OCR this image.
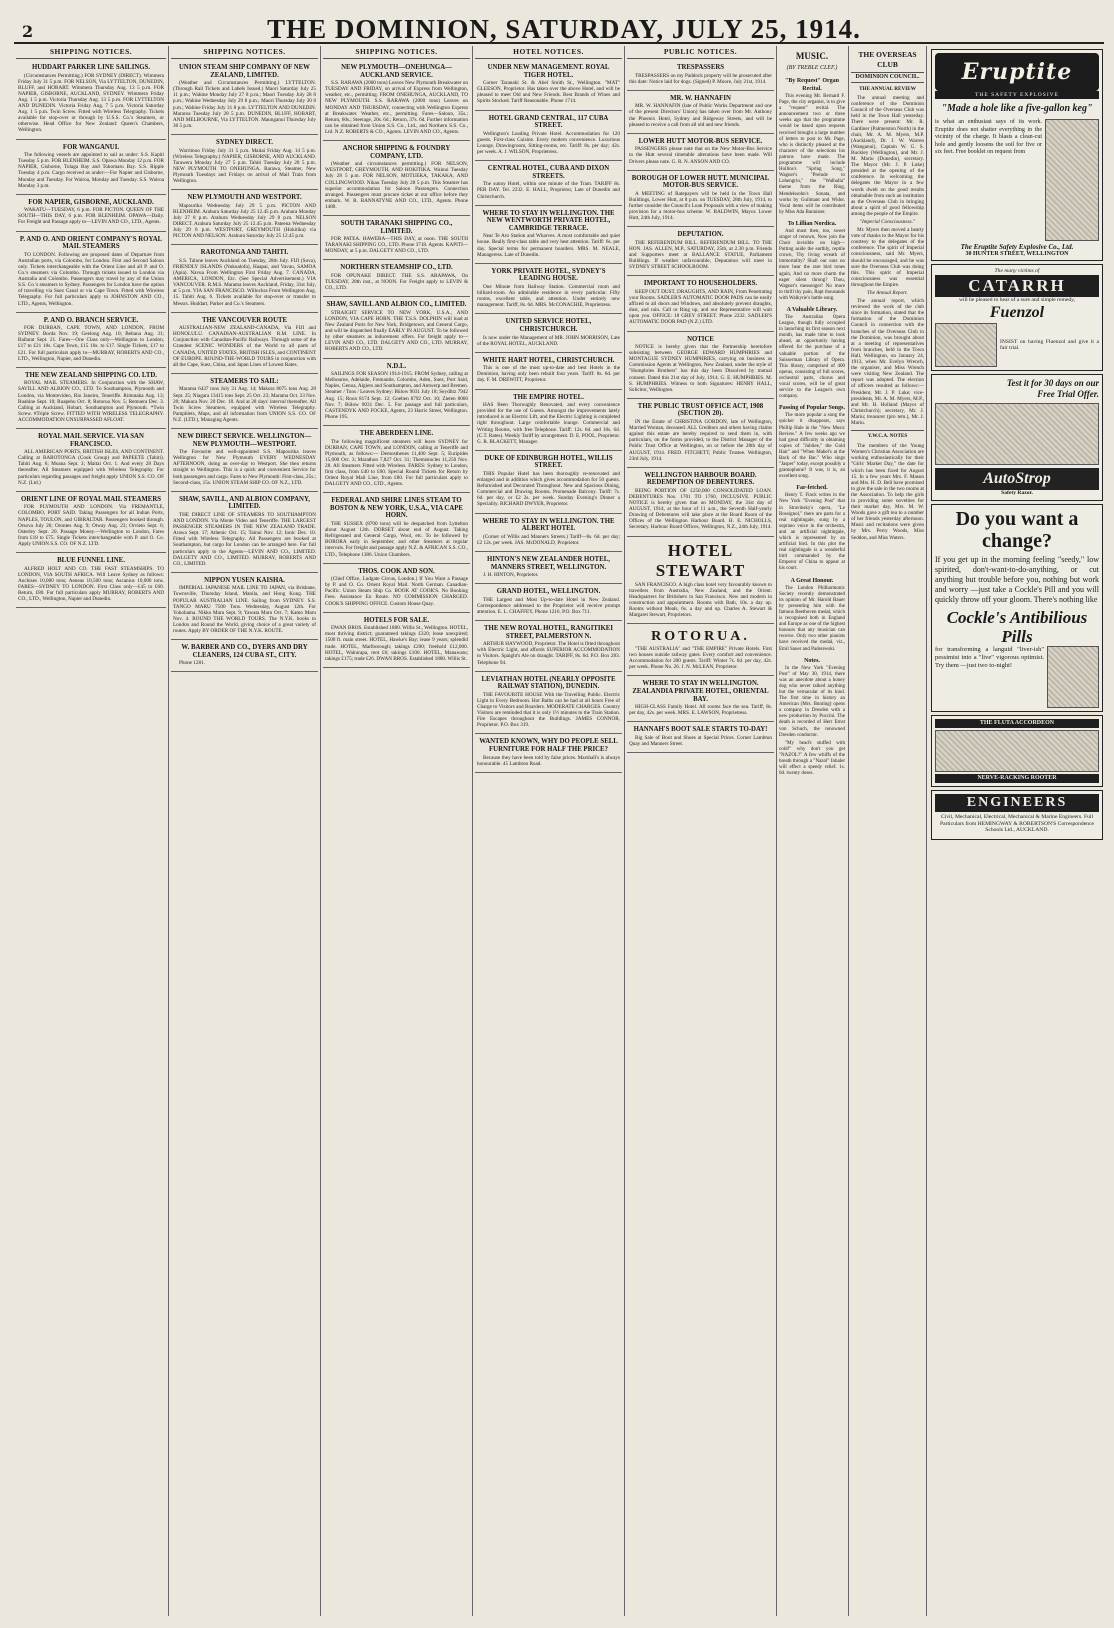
2	THE DOMINION, SATURDAY, JULY 25, 1914.
SHIPPING NOTICES.

HUDDART PARKER LINE SAILINGS.

(Circumstances Permitting.) FOR SYDNEY (DIRECT). Wimmera Friday July 31 5 p.m. FOR NELSON, Via LYTTELTON, DUNEDIN, BLUFF, and HOBART. Wimmera Thursday Aug. 13 5 p.m. FOR NAPIER, GISBORNE, AUCKLAND, SYDNEY. Wimmera Friday Aug. 1 5 p.m. Victoria Thursday Aug. 13 5 p.m. FOR LYTTELTON AND DUNEDIN. Victoria Friday Aug. 7 5 p.m. Victoria Saturday Aug. 1 5 p.m. Twin Screw. Fitted with Wireless Telegraphy. Tickets available for stop-over or through by U.S.S. Co.'s Steamers, or otherwise. Head Office for New Zealand: Queen's Chambers, Wellington.

FOR WANGANUI.

The following vessels are appointed to sail as under: S.S. Kapiti Tuesday 5 p.m. FOR BLENHEIM. S.S. Opawa Monday 12 p.m. FOR NAPIER, Gisborne, Tolaga Bay and Tokomaru Bay. S.S. Ripple Tuesday 4 p.m. Cargo received as under:—For Napier and Gisborne, Monday and Tuesday. For Wairoa, Monday and Tuesday. S.S. Wairoa Monday 3 p.m.

FOR NAPIER, GISBORNE, AUCKLAND.

WAKATU—TUESDAY, 6 p.m. FOR PICTON. QUEEN OF THE SOUTH—THIS DAY, 6 p.m. FOR BLENHEIM. OPAWA—Daily. For Freight and Passage apply to—LEVIN AND CO., LTD., Agents.

P. AND O. AND ORIENT COMPANY'S ROYAL MAIL STEAMERS

TO LONDON. Following are proposed dates of Departure from Australian ports, via Colombo, for London. First and Second Saloon only. Tickets interchangeable with the Orient Line and all P. and O. Co.'s steamers via Colombo. Through tickets issued to London via Australia and Colombo. Passengers may travel by any of the Union S.S. Co.'s steamers to Sydney. Passengers for London have the option of travelling via Suez Canal or via Cape Town. Fitted with Wireless Telegraphy. For full particulars apply to JOHNSTON AND CO., LTD., Agents, Wellington.

P. AND O. BRANCH SERVICE.

FOR DURBAN, CAPE TOWN, AND LONDON, FROM SYDNEY. Borda Nov. 19; Geelong Aug. 10; Beltana Aug. 31; Ballarat Sept. 21. Fares—One Class only—Wellington to London, £17 to £21 10s. Cape Town, £15 10s. to £17. Single Tickets, £17 to £21. For full particulars apply to—MURRAY, ROBERTS AND CO., LTD., Wellington, Napier, and Dunedin.

THE NEW ZEALAND SHIPPING CO. LTD.

ROYAL MAIL STEAMERS. In Conjunction with the SHAW, SAVILL AND ALBION CO., LTD. To Southampton, Plymouth and London, via Montevideo, Rio Janeiro, Teneriffe. Rimutaka Aug. 13; Ruahine Sept. 10; Ruapehu Oct. 8; Rotorua Nov. 5; Remuera Dec. 3. Calling at Auckland, Hobart, Southampton and Plymouth. *Twin Screw. #Triple Screw. FITTED WITH WIRELESS TELEGRAPHY. ACCOMMODATION UNSURPASSED AFLOAT.

ROYAL MAIL SERVICE. VIA SAN FRANCISCO.

ALL AMERICAN PORTS, BRITISH ISLES, AND CONTINENT. Calling at RAROTONGA (Cook Group) and PAPEETE (Tahiti). Tahiti Aug. 6; Moana Sept. 3; Maitai Oct. 1. And every 28 Days thereafter. All Steamers equipped with Wireless Telegraphy. For particulars regarding passages and freight apply UNION S.S. CO. OF N.Z. (Ltd.)

ORIENT LINE OF ROYAL MAIL STEAMERS

FOR PLYMOUTH AND LONDON. Via FREMANTLE, COLOMBO, PORT SAID. Taking Passengers for all Indian Ports, NAPLES, TOULON, and GIBRALTAR. Passengers booked through. Orsova July 26; Orontes Aug. 9; Otway Aug. 23; Orvieto Sept. 6; Osterley Sept. 20. Passage Money.—Wellington to London, Fares from £18 to £75. Single Tickets interchangeable with P. and O. Co. Apply UNION S.S. CO. OF N.Z. LTD.

BLUE FUNNEL LINE.

ALFRED HOLT AND CO. THE FAST STEAMSHIPS. TO LONDON, VIA SOUTH AFRICA. Will Leave Sydney as follows: Anchises 10,000 tons; Aeneas 10,500 tons; Ascanius 10,000 tons. FARES—SYDNEY TO LONDON. First Class only—£45 to £60. Return, £80. For full particulars apply MURRAY, ROBERTS AND CO., LTD., Wellington, Napier and Dunedin.

SHIPPING NOTICES.

UNION STEAM SHIP COMPANY OF NEW ZEALAND, LIMITED.

(Weather and Circumstances Permitting.) LYTTELTON. (Through Rail Tickets and Labels Issued.) Maori Saturday July 25 11 p.m.; Wahine Monday July 27 8 p.m.; Maori Tuesday July 28 8 p.m.; Wahine Wednesday July 29 8 p.m.; Maori Thursday July 30 8 p.m.; Wahine Friday July 31 8 p.m. LYTTELTON AND DUNEDIN. Mararoa Tuesday July 28 5 p.m. DUNEDIN, BLUFF, HOBART, AND MELBOURNE, Via LYTTELTON. Maunganui Thursday July 30 5 p.m.

SYDNEY DIRECT.

Warrimoo Friday July 31 5 p.m. Maitai Friday Aug. 14 5 p.m. (Wireless Telegraphy.) NAPIER, GISBORNE, AND AUCKLAND. Tarawera Monday July 27 5 p.m. Tahiti Tuesday July 28 5 p.m. NEW PLYMOUTH TO ONEHUNGA. Rarawa, Steamer, New Plymouth Tuesdays and Fridays on arrival of Mail Train from Wellington.

NEW PLYMOUTH AND WESTPORT.

Mapourika Wednesday July 29 5 p.m. PICTON AND BLENHEIM. Arahura Saturday July 25 12.45 p.m. Arahura Monday July 27 8 p.m. Arahura Wednesday July 29 8 p.m. NELSON DIRECT. Arahura Saturday July 25 12.45 p.m. Pateena Wednesday July 29 8 p.m. WESTPORT, GREYMOUTH (Hokitika) via PICTON AND NELSON. Arahura Saturday July 25 12.45 p.m.

RAROTONGA AND TAHITI.

S.S. Talune leaves Auckland on Tuesday, 28th July. FIJI (Suva), FRIENDLY ISLANDS (Nukualofa), Haapai, and Vavau, SAMOA (Apia). Navua From Wellington First Friday Aug. 7. CANADA, AMERICA, LONDON, Etc. (See Special Advertisement.) VIA VANCOUVER. R.M.S. Marama leaves Auckland, Friday, 31st July, at 5 p.m. VIA SAN FRANCISCO. Willochra From Wellington Aug. 15. Tahiti Aug. 6. Tickets available for stop-over or transfer to Messrs. Huddart, Parker and Co.'s Steamers.

THE VANCOUVER ROUTE

AUSTRALIAN-NEW ZEALAND-CANADA, Via FIJI and HONOLULU. CANADIAN-AUSTRALIAN R.M. LINE. In Conjunction with Canadian-Pacific Railways. Through some of the Grandest SCENIC WONDERS of the World to all parts of CANADA, UNITED STATES, BRITISH ISLES, and CONTINENT OF EUROPE. ROUND-THE-WORLD TOURS in conjunction with all the Cape, Suez, China, and Japan Lines of Lowest Rates.

STEAMERS TO SAIL:

Marama 6437 tons July 31 Aug. 14; Makura 8075 tons Aug. 28 Sept. 25; Niagara 13415 tons Sept. 25 Oct. 23; Marama Oct. 23 Nov. 20; Makura Nov. 20 Dec. 18. And at 28 days' interval thereafter. All Twin Screw Steamers, equipped with Wireless Telegraphy. Pamphlets, Maps, and all information from UNION S.S. CO. OF N.Z. (LTD.), Managing Agents.

NEW DIRECT SERVICE. WELLINGTON—NEW PLYMOUTH—WESTPORT.

The Favourite and well-appointed S.S. Mapourika leaves Wellington for New Plymouth EVERY WEDNESDAY AFTERNOON, doing an over-day to Westport. She then returns straight to Wellington. This is a quick and convenient Service for both passengers and cargo. Fares to New Plymouth: First-class, 25s.; Second-class, 15s. UNION STEAM SHIP CO. OF N.Z., LTD.

SHAW, SAVILL, AND ALBION COMPANY, LIMITED.

THE DIRECT LINE OF STEAMERS TO SOUTHAMPTON AND LONDON. Via Monte Video and Teneriffe. THE LARGEST PASSENGER STEAMERS IN THE NEW ZEALAND TRADE. Arawa Sept. 17; Athenic Oct. 15; Tainui Nov. 12; Ionic Dec. 10. Fitted with Wireless Telegraphy. All Passengers are booked at Southampton, but cargo for London can be arranged here. For full particulars apply to the Agents—LEVIN AND CO., LIMITED. DALGETY AND CO., LIMITED. MURRAY, ROBERTS AND CO., LIMITED.

NIPPON YUSEN KAISHA.

IMPERIAL JAPANESE MAIL LINE TO JAPAN, via Brisbane, Townsville, Thursday Island, Manila, and Hong Kong. THE POPULAR AUSTRALIAN LINE. Sailing from SYDNEY. S.S. TANGO MARU 7500 Tons. Wednesday, August 12th. For Yokohama. Nikko Maru Sept. 9; Yawata Maru Oct. 7; Kamo Maru Nov. 4. ROUND THE WORLD TOURS. The N.Y.K. books to London and Round the World, giving choice of a great variety of routes. Apply BY ORDER OF THE N.Y.K. ROUTE.

W. BARBER AND CO., DYERS AND DRY CLEANERS, 124 CUBA ST., CITY.

Phone 1281.

SHIPPING NOTICES.

NEW PLYMOUTH—ONEHUNGA—AUCKLAND SERVICE.

S.S. RARAWA (2000 tons) Leaves New Plymouth Breakwater on TUESDAY AND FRIDAY, on arrival of Express from Wellington, weather, etc., permitting. FROM ONEHUNGA, AUCKLAND, TO NEW PLYMOUTH. S.S. RARAWA (2000 tons) Leaves on MONDAY AND THURSDAY, connecting with Wellington Express at Breakwater. Weather, etc., permitting. Fares—Saloon, 35s.; Return, 60s.; Steerage, 20s. 6d.; Return, 37s. 6d. Further information can be obtained from Union S.S. Co., Ltd., and Northern S.S. Co., Ltd. N.Z. ROBERTS & CO., Agents. LEVIN AND CO., Agents.

ANCHOR SHIPPING & FOUNDRY COMPANY, LTD.

(Weather and circumstances permitting.) FOR NELSON, WESTPORT, GREYMOUTH, AND HOKITIKA. Wainui Tuesday July 28 5 p.m. FOR NELSON, MOTUEKA, TAKAKA, AND COLLINGWOOD. Nikau Tuesday July 28 5 p.m. This Steamer has superior accommodation for Saloon Passengers. Connection arranged. Passengers must procure ticket at our office before they embark. W. R. BANNATYNE AND CO., LTD., Agents. Phone 1480.

SOUTH TARANAKI SHIPPING CO., LIMITED.

FOR PATEA. HAWERA—THIS DAY, at noon. THE SOUTH TARANAKI SHIPPING CO., LTD. Phone 3718. Agents. KAPITI—MONDAY, at 5 p.m. DALGETY AND CO., LTD.

NORTHERN STEAMSHIP CO., LTD.

FOR OPUNAKE DIRECT. THE S.S. ARAPAWA, On TUESDAY, 28th inst., at NOON. For Freight apply to LEVIN & CO., LTD.

SHAW, SAVILL AND ALBION CO., LIMITED.

STRAIGHT SERVICE TO NEW YORK, U.S.A., AND LONDON, VIA CAPE HORN. THE T.S.S. DOLPHIN will load at New Zealand Ports for New York, Bridgetown, and General Cargo, and will be dispatched finally EARLY IN AUGUST. To be followed by other steamers as inducement offers. For freight apply to— LEVIN AND CO., LTD. DALGETY AND CO., LTD. MURRAY, ROBERTS AND CO., LTD.

N.D.L.

SAILINGS FOR SEASON 1914-1915. FROM Sydney, calling at Melbourne, Adelaide, Fremantle, Colombo, Aden, Suez, Port Said, Naples, Genoa, Algiers and Southampton, and Antwerp and Bremen. Steamer / Tons / Leaves Sydney: Bülow 9031 July 18; Seydlitz 7942 Aug. 15; Roon 8174 Sept. 12; Goeben 8792 Oct. 10; Zieten 8066 Nov. 7; Bülow 9031 Dec. 5. For passage and full particulars, CASTENDYK AND FOCKE, Agents, 23 Harris Street, Wellington. Phone 195.

THE ABERDEEN LINE.

The following magnificent steamers will leave SYDNEY for DURBAN, CAPE TOWN, and LONDON, calling at Teneriffe and Plymouth, as follows:— Demosthenes 11,400 Sept. 5; Euripides 15,000 Oct. 3; Marathon 7,827 Oct. 31; Themistocles 11,250 Nov. 28. All Steamers Fitted with Wireless. FARES: Sydney to London, first class, from £40 to £60. Special Round Tickets for Return by Orient Royal Mail Line, from £80. For full particulars apply to DALGETY AND CO., LTD., Agents.

FEDERAL AND SHIRE LINES STEAM TO BOSTON & NEW YORK, U.S.A., VIA CAPE HORN.

THE SUSSEX (8700 tons) will be despatched from Lyttelton about August 12th. DORSET about end of August. Taking Refrigerated and General Cargo, Wool, etc. To be followed by BORORA early in September, and other Steamers at regular intervals. For freight and passage apply N.Z. & AFRICAN S.S. CO., LTD., Telephone 1386. Union Chambers.

THOS. COOK AND SON.

(Chief Office, Ludgate Circus, London.) If You Want a Passage by P. and O. Co. Orient Royal Mail. North German. Canadian-Pacific. Union Steam Ship Co. BOOK AT COOK'S. No Booking Fees. Assistance En Route. NO COMMISSION CHARGED. COOK'S SHIPPING OFFICE. Custom House Quay.

HOTELS FOR SALE.

DWAN BROS. Established 1880. Willis St., Wellington. HOTEL, most thriving district; guaranteed takings £320; lease unexpired; 1500 ft. main street. HOTEL, Hawke's Bay; lease 9 years; splendid trade. HOTEL, Marlborough; takings £200; freehold £12,000. HOTEL, Wairarapa, rent £6; takings £100. HOTEL, Manawatu; takings £175; trade £26. DWAN BROS. Established 1880. Willis St.

HOTEL NOTICES.

UNDER NEW MANAGEMENT. ROYAL TIGER HOTEL.

Corner Taranaki St. & Abel Smith St., Wellington. "MAT" GLEESON, Proprietor. Has taken over the above Hotel, and will be pleased to meet Old and New Friends. Best Brands of Wines and Spirits Stocked. Tariff Reasonable. Phone 1714.

HOTEL GRAND CENTRAL, 117 CUBA STREET.

Wellington's Leading Private Hotel. Accommodation for 120 guests. First-class Cuisine. Every modern convenience. Luxurious Lounge, Drawingroom, Sitting-rooms, etc. Tariff: 8s. per day; 42s. per week. A. J. WILSON, Proprietress.

CENTRAL HOTEL, CUBA AND DIXON STREETS.

The sunny Hotel, within one minute of the Tram. TARIFF 8s. PER DAY. Tel. 2232. E. HALL, Proprietor, Late of Dunedin and Christchurch.

WHERE TO STAY IN WELLINGTON. THE NEW WENTWORTH PRIVATE HOTEL, CAMBRIDGE TERRACE.

Near Te Aro Station and Wharves. A most comfortable and quiet house. Really first-class table and very best attention. Tariff: 6s. per day. Special terms for permanent boarders. MRS. M. NEALE, Manageress. Late of Dunedin.

YORK PRIVATE HOTEL, SYDNEY'S LEADING HOUSE.

One Minute from Railway Station. Commercial room and billiard-room. An admirable residence in every particular. Fifty rooms, excellent table, and attention. Under entirely new management. Tariff, 8s. 6d. MRS. McCONACHIE, Proprietress.

UNITED SERVICE HOTEL, CHRISTCHURCH.

Is now under the Management of MR. JOHN MORRISON, Late of the ROYAL HOTEL, AUCKLAND.

WHITE HART HOTEL, CHRISTCHURCH.

This is one of the most up-to-date and best Hotels in the Dominion, having only been rebuilt four years. Tariff: 8s. 6d. per day. F. M. DREWITT, Proprietor.

THE EMPIRE HOTEL.

HAS Been Thoroughly Renovated, and every convenience provided for the use of Guests. Amongst the improvements lately introduced is an Electric Lift, and the Electric Lighting is completed right throughout. Large comfortable lounge. Commercial and Writing Rooms, with free Telephone. Tariff: 12s. 6d. and 10s. 6d. (C.T. Rates). Weekly Tariff by arrangement. D. E. POOL, Proprietor. G. R. BLACKETT, Manager.

DUKE OF EDINBURGH HOTEL, WILLIS STREET.

THIS Popular Hotel has been thoroughly re-renovated and enlarged and in addition which gives accommodation for 50 guests. Refurnished and Decorated Throughout. New and Spacious Dining, Commercial and Drawing Rooms. Promenade Balcony. Tariff: 7s. 6d. per day, or £2 2s. per week. Sunday Evening's Dinner a Speciality. RICHARD DWYER, Proprietor.

WHERE TO STAY IN WELLINGTON. THE ALBERT HOTEL

(Corner of Willis and Manners Streets.) Tariff—8s. 6d. per day; £2 12s. per week. JAS. McDONALD, Proprietor.

HINTON'S NEW ZEALANDER HOTEL, MANNERS STREET, WELLINGTON.

J. H. HINTON, Proprietor.

GRAND HOTEL, WELLINGTON.

THE Largest and Most Up-to-date Hotel in New Zealand. Correspondence addressed to the Proprietor will receive prompt attention. E. L. CHAFFEY, Phone 1216. P.O. Box 711.

THE NEW ROYAL HOTEL, RANGITIKEI STREET, PALMERSTON N.

ARTHUR HAYWOOD, Proprietor. The Hotel is fitted throughout with Electric Light, and affords SUPERIOR ACCOMMODATION to Visitors. Spaight's Ale on draught. TARIFF, 8s. 6d. P.O. Box 283. Telephone 94.

LEVIATHAN HOTEL (NEARLY OPPOSITE RAILWAY STATION), DUNEDIN.

THE FAVOURITE HOUSE With the Travelling Public. Electric Light in Every Bedroom. Hot Baths can be had at all hours Free of Charge to Visitors and Boarders. MODERATE CHARGES. Country Visitors are reminded that it is only 1½ minutes to the Train Station. Fire Escapes throughout the Buildings. JAMES CONNOR, Proprietor. P.O. Box 319.

WANTED KNOWN, WHY DO PEOPLE SELL FURNITURE FOR HALF THE PRICE?

Because they have been told by false prices. Marshall's is always honourable. 45 Lambton Road.

PUBLIC NOTICES.

TRESPASSERS

TRESPASSERS on my Paddock property will be prosecuted after this date: Notice laid for dogs. (Signed) P. Moore, July 21st, 1914.

MR. W. HANNAFIN

MR. W. HANNAFIN (late of Public Works Department and one of the present Directors' Union) has taken over from Mr. Anthony the Phoenix Hotel, Sydney and Ridgeway Streets, and will be pleased to receive a call from all old and new friends.

LOWER HUTT MOTOR-BUS SERVICE.

PASSENGERS please note that on the New Motor-Bus Service to the Hutt several timetable alterations have been made. Will Drivers please note. G. R. N. ANSON AND CO.

BOROUGH OF LOWER HUTT. MUNICIPAL MOTOR-BUS SERVICE.

A MEETING of Ratepayers will be held in the Town Hall Buildings, Lower Hutt, at 8 p.m. on TUESDAY, 28th July, 1914, to further consider the Council's Loan Proposals with a view of making provision for a motor-bus scheme. W. BALDWIN, Mayor. Lower Hutt, 24th July, 1914.

DEPUTATION.

THE REFERENDUM BILL. REFERENDUM BILL. TO THE HON. JAS. ALLEN, M.P., SATURDAY, 25th, at 2.30 p.m. Friends and Supporters meet at BALLANCE STATUE, Parliament Buildings. If weather unfavourable, Deputation will meet in SYDNEY STREET SCHOOLROOM.

IMPORTANT TO HOUSEHOLDERS.

KEEP OUT DUST, DRAUGHTS, AND RAIN, From Penetrating your Rooms. SADLER'S AUTOMATIC DOOR PADS can be easily affixed to all doors and Windows, and absolutely prevent draughts, dust, and rain. Call or Ring up, and our Representative will wait upon you. OFFICE: 18 GREY STREET. Phone 2232. SADLER'S AUTOMATIC DOOR PAD (N.Z.) LTD.

NOTICE

NOTICE is hereby given that the Partnership heretofore subsisting between GEORGE EDWARD HUMPHRIES and MONTAGUE SYDNEY HUMPHRIES, carrying on business as Commission Agents at Wellington, New Zealand, under the style of "Humphries Brothers" has this day been Dissolved by mutual consent. Dated this 21st day of July, 1914. G. E. HUMPHRIES. M. S. HUMPHRIES. Witness to both Signatures: HENRY HALL, Solicitor, Wellington.

THE PUBLIC TRUST OFFICE ACT, 1908 (SECTION 20).

IN the Estate of CHRISTINA GORDON, late of Wellington, Married Woman, deceased. ALL Creditors and others having claims against this estate are hereby required to send them in, with particulars, on the forms provided, to the District Manager of the Public Trust Office at Wellington, on or before the 28th day of AUGUST, 1914. FRED. FITCHETT, Public Trustee. Wellington, 23rd July, 1914.

WELLINGTON HARBOUR BOARD. REDEMPTION OF DEBENTURES.

BEING PORTION OF £250,000 CONSOLIDATED LOAN. DEBENTURES Nos. 1701 TO 1760, INCLUSIVE. PUBLIC NOTICE is hereby given that on MONDAY, the 31st day of AUGUST, 1914, at the hour of 11 a.m., the Seventh Half-yearly Drawing of Debentures will take place at the Board Room of the Offices of the Wellington Harbour Board. H. E. NICHOLLS, Secretary. Harbour Board Offices, Wellington, N.Z., 24th July, 1914.

HOTEL STEWART

SAN FRANCISCO. A high class hotel very favourably known to travellers from Australia, New Zealand, and the Orient. Headquarters for Britishers in San Francisco. New and modern in construction and appointment. Rooms with Bath, 10s. a day up. Rooms without Meals, 6s. a day and up. Charles A. Stewart & Margaret Stewart, Proprietors.

ROTORUA.

"THE AUSTRALIA" and "THE EMPIRE" Private Hotels. First two houses outside railway gates. Every comfort and convenience. Accommodation for 200 guests. Tariff: Winter 7s. 6d. per day, 42s. per week. Phone No. 26. J. N. McLEAN, Proprietor.

WHERE TO STAY IN WELLINGTON. ZEALANDIA PRIVATE HOTEL, ORIENTAL BAY.

HIGH-CLASS Family Hotel. All rooms face the sea. Tariff, 8s. per day, 42s. per week. MRS. E. LAWSON, Proprietress.

HANNAH'S BOOT SALE STARTS TO-DAY!

Big Sale of Boot and Shoes at Special Prices. Corner Lambton Quay and Manners Street.

MUSIC.
(BY TREBLE CLEF.)

"By Request" Organ Recital.

This evening Mr. Bernard F. Page, the city organist, is to give a "request" recital. The announcement two or three weeks ago that the programme would be based upon requests received brought a large number of letters to post to Mr. Page, who is distinctly pleased at the character of the selections his patrons have made. The programme will include Hollins's "Spring Song," Wagner's "Prelude to Lohengrin," the "Walhalla" theme from the Ring, Mendelssohn's Sonata, and works by Guilmant and Widor. Vocal items will be contributed by Miss Ada Bannister.

To Lillian Nordica.

And must then, too, sweet singer of renown, Now join the Choir invisible on high— Putting aside the earthly, reptile crown, Thy living wreath of immortality? Shall our ears no more hear the rare bird tones again, And no more charm the eager silent throng? Thou, Wagner's messenger! No more to thrill thy pain, Rapt thousands with Walkyrie's battle song.

A Valuable Library.

The Australian Opera League, though fully occupied in launching its first season next month, has made time to look ahead, an opportunity having offered for the purchase of a valuable portion of the Suisserman Library of Opera. This library, comprised of 400 operas, consisting of full scores, orchestral parts, chorus and vocal scores, will be of great service to the League's own company.

Passing of Popular Songs.

The more popular a song the quicker it disappears, says Phillip Hale in the "New Music Review." A few weeks ago we had great difficulty in obtaining copies of "Jubilee," the Gold Hair" and "When Mabel's at the Back of the Bar." Who sings "Jasper" today, except possibly a gramophone? It was, it is, an excellent song.

Far-fetched.

Henry T. Finck writes in the New York "Evening Post" that in Stravinsky's opera, "Le Rossignol," there are parts for a real nightingale, sung by a soprano voice in the orchestra, and an artificial nightingale, which is represented by an artificial bird. In this plot the real nightingale is a wonderful bird commanded by the Emperor of China to appear at his court.

A Great Honour.

The London Philharmonic Society recently demonstrated its opinion of Mr. Harold Bauer by presenting him with the famous Beethoven medal, which is recognised both in England and Europe as one of the highest honours that any musician can receive. Only two other pianists have received the medal, viz., Emil Sauer and Paderewski.

Notes.

In the New York "Evening Post" of May 30, 1914, there was an anecdote about a honey dog who never talked anything but the vernacular of its kind. The first time in history an American (Mrs. Bunting) opens a company in Dresden with a new production by Puccini. The death is recorded of Herr Ernst von Schuch, the renowned Dresden conductor.

"My head's stuffed with cold!" why don't you get "NAZOL?" A few whiffs of the breath through a "Nazol" Inhaler will effect a speedy relief. 1s. 6d. twenty doses.

THE OVERSEAS CLUB
DOMINION COUNCIL.
THE ANNUAL REVIEW

The annual meeting and conference of the Dominion Council of the Overseas Club was held in the Town Hall yesterday. There were present: Mr. R. Gardiner (Palmerston North) in the chair, Mr. A. M. Myers, M.P. (Auckland), Dr. J. W. Warren (Wanganui), Captain W. G. S. Buckley (Wellington), and Mr. J. M. Mariu (Dunedin), secretary. The Mayor (Mr. J. P. Luke) presided at the opening of the conference. In welcoming the delegates the Mayor in a few words dwelt on the good results obtainable from such an institution as the Overseas Club in bringing about a spirit of good fellowship among the people of the Empire.

"Imperial Consciousness."

Mr. Myers then moved a hearty vote of thanks to the Mayor for his courtesy to the delegates of the conference. The spirit of Imperial consciousness, said Mr. Myers, should be encouraged, and he was sure the Overseas Club was doing this. This spirit of Imperial consciousness was essential throughout the Empire.

The Annual Report.

The annual report, which reviewed the work of the club since its formation, stated that the formation of the Dominion Council in connection with the branches of the Overseas Club in the Dominion, was brought about at a meeting of representatives from branches, held in the Town Hall, Wellington, on January 24, 1913, when Mr. Evelyn Wrench, the organiser, and Miss Wrench were visiting New Zealand. The report was adopted. The election of officers resulted as follows:—President, Mr. J. P. Luke; vice-presidents, Mr. A. M. Myers, M.P., and Mr. H. Holland (Mayor of Christchurch); secretary, Mr. J. Mariu; treasurer (pro tem.), Mr. J. Mariu.

Y.W.C.A. NOTES

The members of the Young Women's Christian Association are working enthusiastically for their "Girls' Market Day," the date for which has been fixed for August 15. In a few years Mrs. F. Mason and Mrs. H. D. Bell have promised to give the sale in the two rooms at the Association. To help the girls in providing some novelties for their market day, Mrs. M. W. Woods gave a gift tea to a number of her friends yesterday afternoon. Music and recitations were given by Mrs. Perry Woods, Miss Seddon, and Miss Waters.

Eruptite
THE SAFETY EXPLOSIVE
"Made a hole like a five-gallon keg"

is what an enthusiast says of its work. Eruptite does not shatter everything in the vicinity of the charge. It blasts a clean-cut hole and gently loosens the soil for five or six feet. Free booklet on request from

The Eruptite Safety Explosive Co., Ltd.
30 HUNTER STREET, WELLINGTON
The many victims of
CATARRH
will be pleased to hear of a sure and simple remedy,
Fuenzol

INSIST on having Fluenzol and give it a fair trial.

Test it for 30 days on our Free Trial Offer.
AutoStrop
Safety Razor.
Do you want a change?

If you get up in the morning feeling "seedy," low spirited, don't-want-to-do-anything, or cut anything but trouble before you, nothing but work and worry —just take a Cockle's Pill and you will quickly throw off your gloom. There's nothing like

Cockle's Antibilious Pills

for transforming a languid "liver-ish" pessimist into a "live" vigorous optimist. Try them —just two to-night!

THE FLUTA ACCORDEON
NERVE-RACKING ROOTER
ENGINEERS

Civil, Mechanical, Electrical, Mechanical & Marine Engineers. Full Particulars from HEMINGWAY & ROBERTSON'S Correspondence Schools Ltd., AUCKLAND.
